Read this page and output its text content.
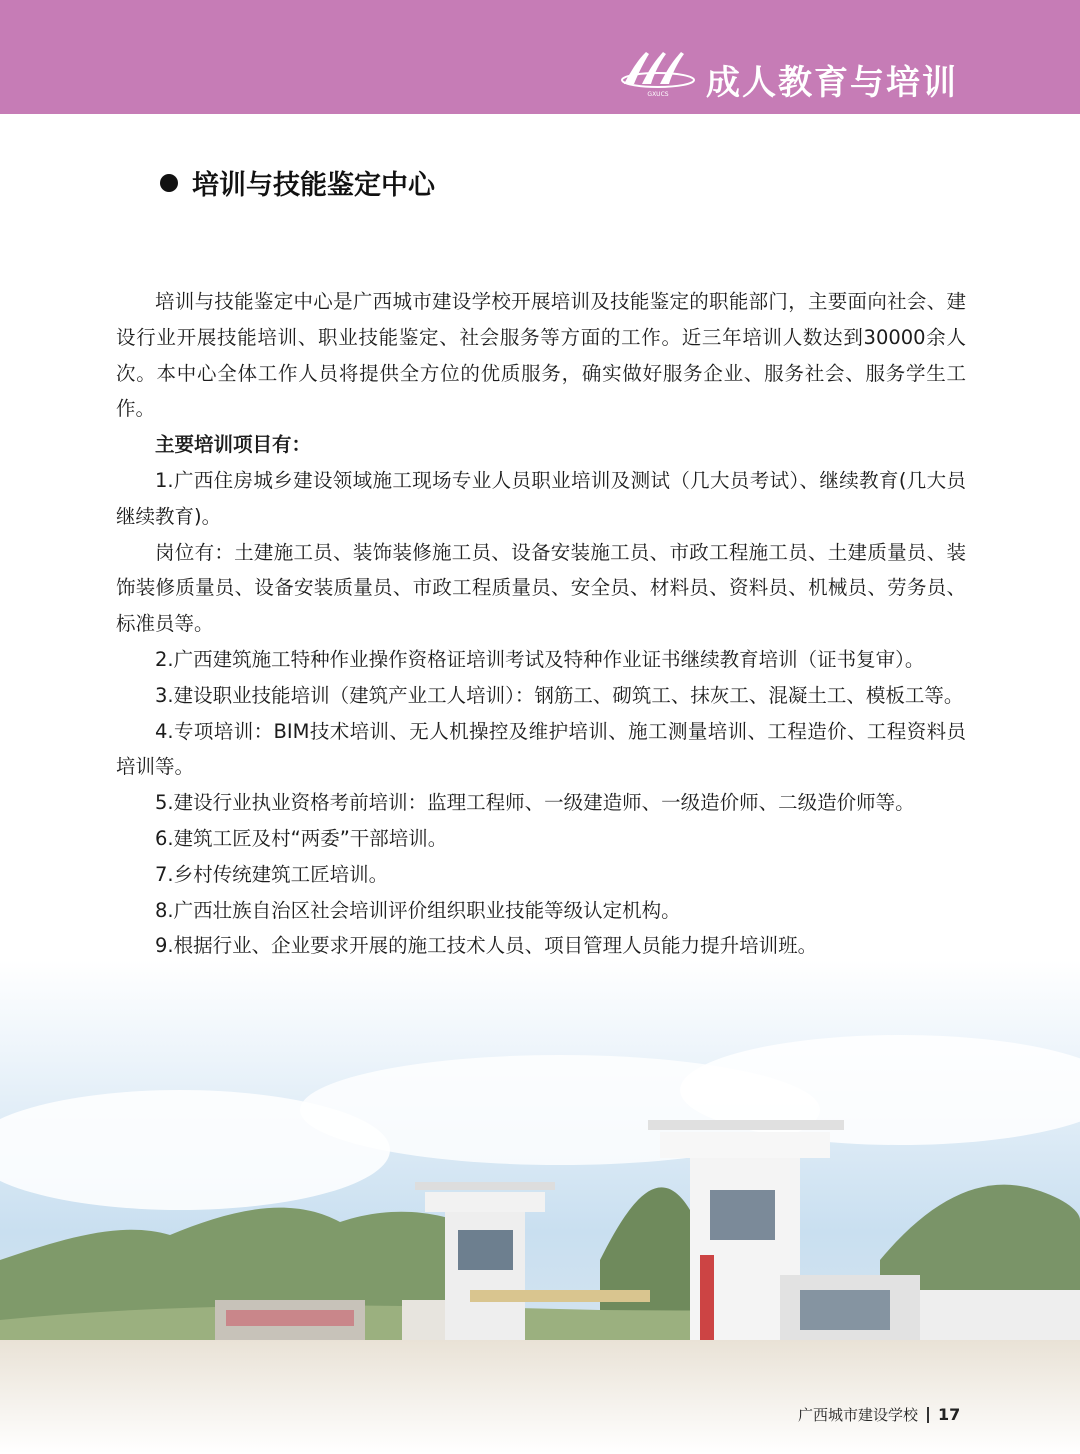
GXUCS 成人教育与培训
培训与技能鉴定中心

培训与技能鉴定中心是广西城市建设学校开展培训及技能鉴定的职能部门，主要面向社会、建设行业开展技能培训、职业技能鉴定、社会服务等方面的工作。近三年培训人数达到30000余人次。本中心全体工作人员将提供全方位的优质服务，确实做好服务企业、服务社会、服务学生工作。

主要培训项目有：

1.广西住房城乡建设领域施工现场专业人员职业培训及测试（几大员考试）、继续教育(几大员继续教育)。

岗位有：土建施工员、装饰装修施工员、设备安装施工员、市政工程施工员、土建质量员、装饰装修质量员、设备安装质量员、市政工程质量员、安全员、材料员、资料员、机械员、劳务员、标准员等。

2.广西建筑施工特种作业操作资格证培训考试及特种作业证书继续教育培训（证书复审）。

3.建设职业技能培训（建筑产业工人培训）：钢筋工、砌筑工、抹灰工、混凝土工、模板工等。

4.专项培训：BIM技术培训、无人机操控及维护培训、施工测量培训、工程造价、工程资料员培训等。

5.建设行业执业资格考前培训：监理工程师、一级建造师、一级造价师、二级造价师等。

6.建筑工匠及村“两委”干部培训。

7.乡村传统建筑工匠培训。

8.广西壮族自治区社会培训评价组织职业技能等级认定机构。

9.根据行业、企业要求开展的施工技术人员、项目管理人员能力提升培训班。

广西城市建设学校 17
